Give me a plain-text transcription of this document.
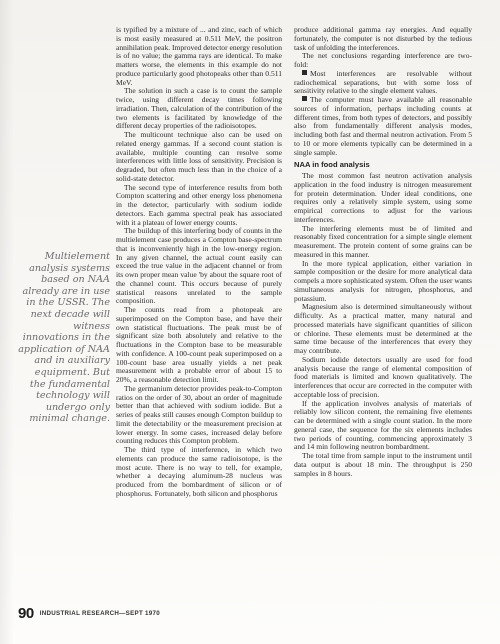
Multielement analysis systems based on NAA already are in use in the USSR. The next decade will witness innovations in the application of NAA and in auxiliary equipment. But the fundamental technology will undergo only minimal change.

is typified by a mixture of ... and zinc, each of which is most easily measured at 0.511 MeV, the positron annihilation peak. Improved detector energy resolution is of no value; the gamma rays are identical. To make matters worse, the elements in this example do not produce particularly good photopeaks other than 0.511 MeV.

The solution in such a case is to count the sample twice, using different decay times following irradiation. Then, calculation of the contribution of the two elements is facilitated by knowledge of the different decay properties of the radioisotopes.

The multicount technique also can be used on related energy gammas. If a second count station is available, multiple counting can resolve some interferences with little loss of sensitivity. Precision is degraded, but often much less than in the choice of a solid-state detector.

The second type of interference results from both Compton scattering and other energy loss phenomena in the detector, particularly with sodium iodide detectors. Each gamma spectral peak has associated with it a plateau of lower energy counts.

The buildup of this interfering body of counts in the multielement case produces a Compton base-spectrum that is inconveniently high in the low-energy region. In any given channel, the actual count easily can exceed the true value in the adjacent channel or from its own proper mean value 'by about the square root of the channel count. This occurs because of purely statistical reasons unrelated to the sample composition.

The counts read from a photopeak are superimposed on the Compton base, and have their own statistical fluctuations. The peak must be of significant size both absolutely and relative to the fluctuations in the Compton base to be measurable with confidence. A 100-count peak superimposed on a 100-count base area usually yields a net peak measurement with a probable error of about 15 to 20%, a reasonable detection limit.

The germanium detector provides peak-to-Compton ratios on the order of 30, about an order of magnitude better than that achieved with sodium iodide. But a series of peaks still causes enough Compton buildup to limit the detectability or the measurement precision at lower energy. In some cases, increased delay before counting reduces this Compton problem.

The third type of interference, in which two elements can produce the same radioisotope, is the most acute. There is no way to tell, for example, whether a decaying aluminum-28 nucleus was produced from the bombardment of silicon or of phosphorus. Fortunately, both silicon and phosphorus

produce additional gamma ray energies. And equally fortunately, the computer is not disturbed by the tedious task of unfolding the interferences.

The net conclusions regarding interference are two-fold:

Most interferences are resolvable without radiochemical separations, but with some loss of sensitivity relative to the single element values.

The computer must have available all reasonable sources of information, perhaps including counts at different times, from both types of detectors, and possibly also from fundamentally different analysis modes, including both fast and thermal neutron activation. From 5 to 10 or more elements typically can be determined in a single sample.

NAA in food analysis

The most common fast neutron activation analysis application in the food industry is nitrogen measurement for protein determination. Under ideal conditions, one requires only a relatively simple system, using some empirical corrections to adjust for the various interferences.

The interfering elements must be of limited and reasonably fixed concentration for a simple single element measurement. The protein content of some grains can be measured in this manner.

In the more typical application, either variation in sample composition or the desire for more analytical data compels a more sophisticated system. Often the user wants simultaneous analysis for nitrogen, phosphorus, and potassium.

Magnesium also is determined simultaneously without difficulty. As a practical matter, many natural and processed materials have significant quantities of silicon or chlorine. These elements must be determined at the same time because of the interferences that every they may contribute.

Sodium iodide detectors usually are used for food analysis because the range of elemental composition of food materials is limited and known qualitatively. The interferences that occur are corrected in the computer with acceptable loss of precision.

If the application involves analysis of materials of reliably low silicon content, the remaining five elements can be determined with a single count station. In the more general case, the sequence for the six elements includes two periods of counting, commencing approximately 3 and 14 min following neutron bombardment.

The total time from sample input to the instrument until data output is about 18 min. The throughput is 250 samples in 8 hours.

90 INDUSTRIAL RESEARCH—SEPT 1970
